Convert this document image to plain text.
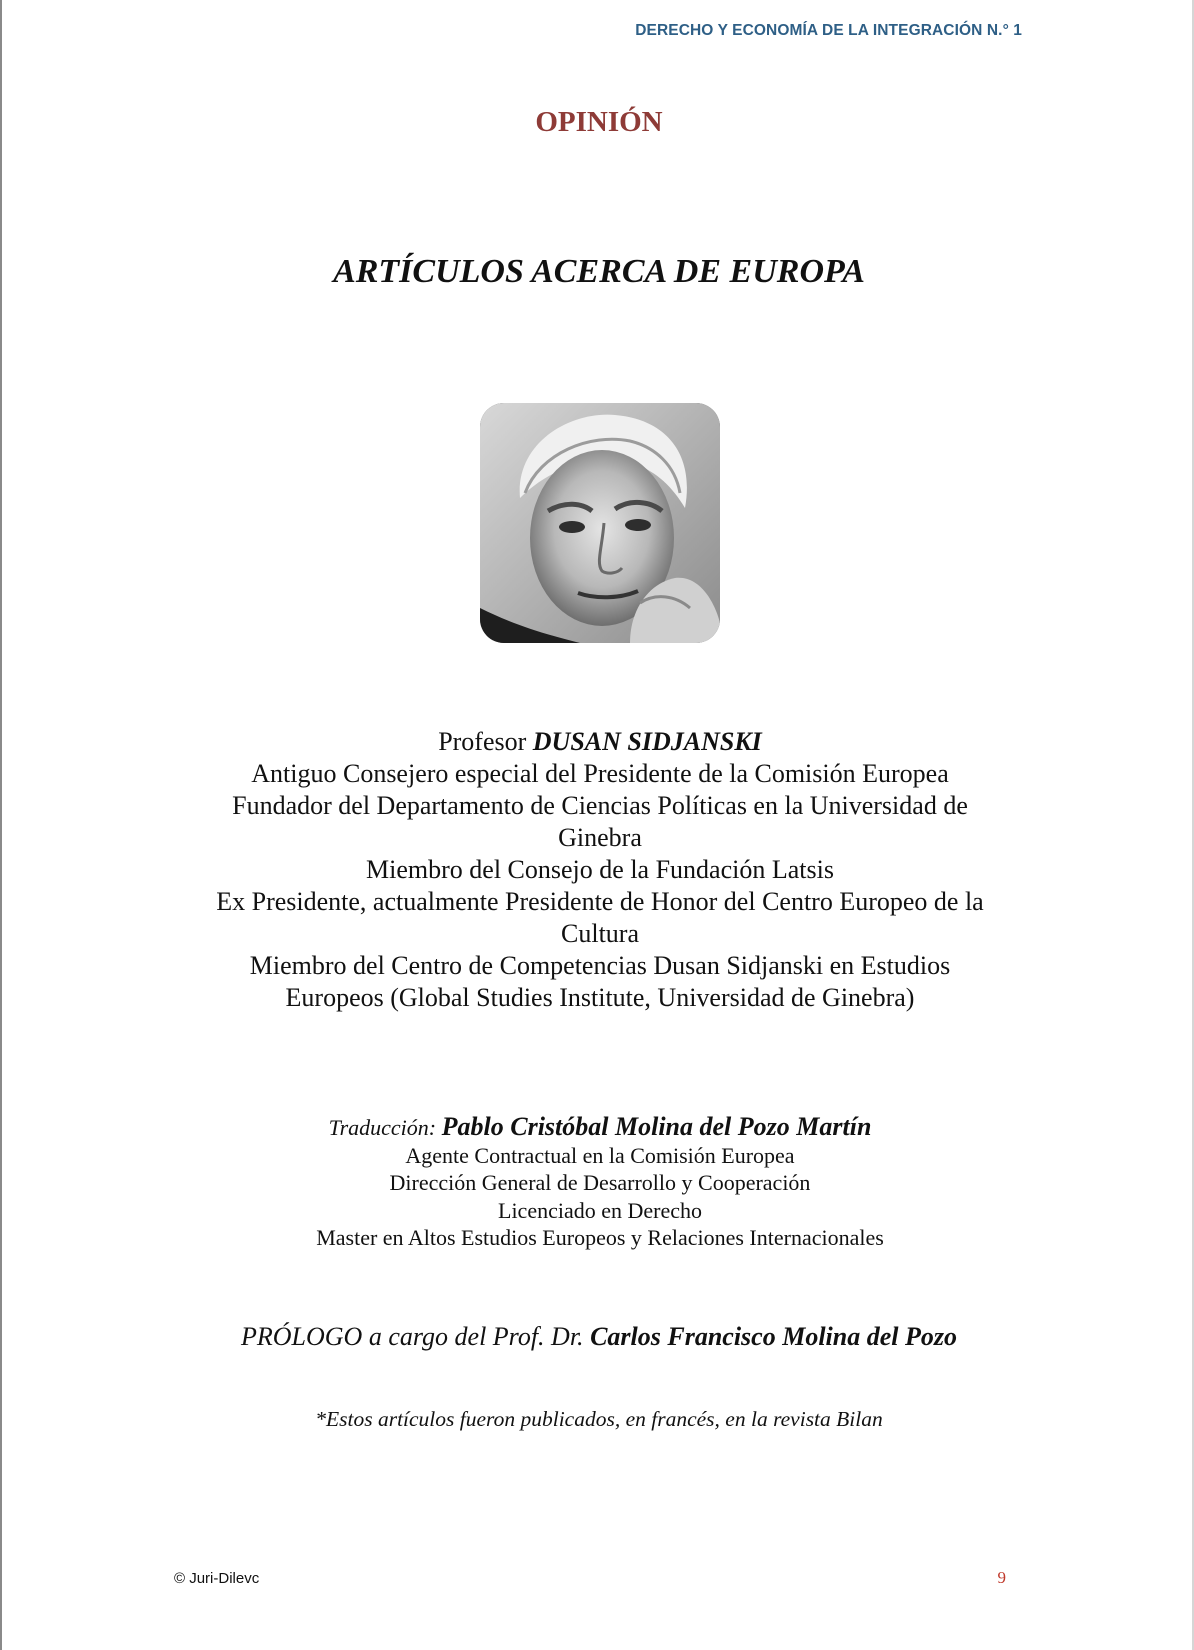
DERECHO Y ECONOMÍA DE LA INTEGRACIÓN N.° 1
OPINIÓN
ARTÍCULOS ACERCA DE EUROPA
Profesor DUSAN SIDJANSKI
Antiguo Consejero especial del Presidente de la Comisión Europea
Fundador del Departamento de Ciencias Políticas en la Universidad de
Ginebra
Miembro del Consejo de la Fundación Latsis
Ex Presidente, actualmente Presidente de Honor del Centro Europeo de la
Cultura
Miembro del Centro de Competencias Dusan Sidjanski en Estudios
Europeos (Global Studies Institute, Universidad de Ginebra)
Traducción: Pablo Cristóbal Molina del Pozo Martín
Agente Contractual en la Comisión Europea
Dirección General de Desarrollo y Cooperación
Licenciado en Derecho
Master en Altos Estudios Europeos y Relaciones Internacionales
PRÓLOGO a cargo del Prof. Dr. Carlos Francisco Molina del Pozo
*Estos artículos fueron publicados, en francés, en la revista Bilan
© Juri-Dilevc	9
